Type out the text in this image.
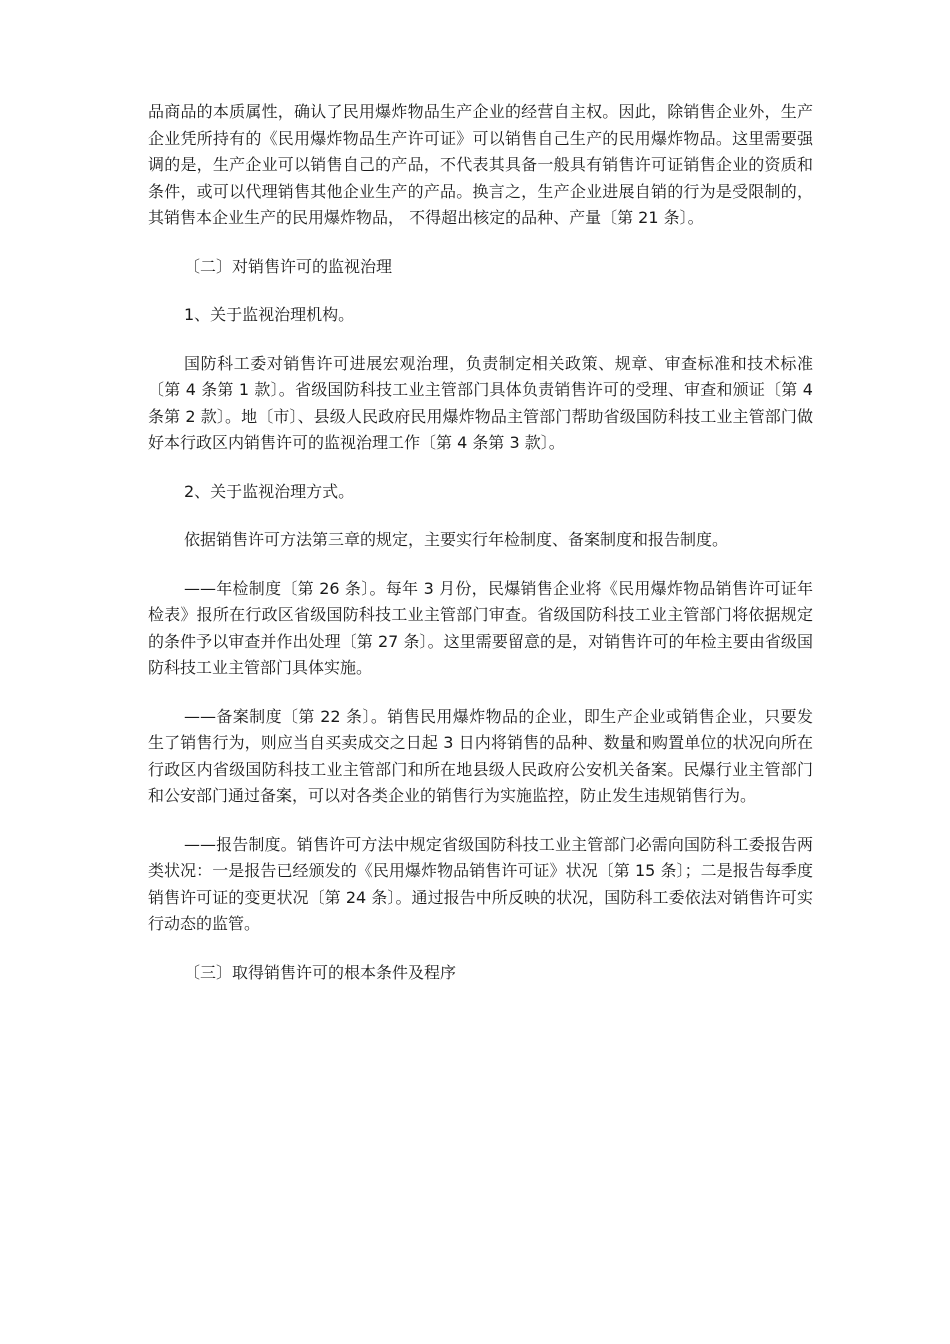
品商品的本质属性，确认了民用爆炸物品生产企业的经营自主权。因此，除销售企业外，生产企业凭所持有的《民用爆炸物品生产许可证》可以销售自己生产的民用爆炸物品。这里需要强调的是，生产企业可以销售自己的产品，不代表其具备一般具有销售许可证销售企业的资质和条件，或可以代理销售其他企业生产的产品。换言之，生产企业进展自销的行为是受限制的，其销售本企业生产的民用爆炸物品， 不得超出核定的品种、产量〔第 21 条〕。

〔二〕对销售许可的监视治理

1、关于监视治理机构。

国防科工委对销售许可进展宏观治理，负责制定相关政策、规章、审查标准和技术标准〔第 4 条第 1 款〕。省级国防科技工业主管部门具体负责销售许可的受理、审查和颁证〔第 4 条第 2 款〕。地〔市〕、县级人民政府民用爆炸物品主管部门帮助省级国防科技工业主管部门做好本行政区内销售许可的监视治理工作〔第 4 条第 3 款〕。

2、关于监视治理方式。

依据销售许可方法第三章的规定，主要实行年检制度、备案制度和报告制度。

——年检制度〔第 26 条〕。每年 3 月份，民爆销售企业将《民用爆炸物品销售许可证年检表》报所在行政区省级国防科技工业主管部门审查。省级国防科技工业主管部门将依据规定的条件予以审查并作出处理〔第 27 条〕。这里需要留意的是，对销售许可的年检主要由省级国防科技工业主管部门具体实施。

——备案制度〔第 22 条〕。销售民用爆炸物品的企业，即生产企业或销售企业，只要发生了销售行为，则应当自买卖成交之日起 3 日内将销售的品种、数量和购置单位的状况向所在行政区内省级国防科技工业主管部门和所在地县级人民政府公安机关备案。民爆行业主管部门和公安部门通过备案，可以对各类企业的销售行为实施监控，防止发生违规销售行为。

——报告制度。销售许可方法中规定省级国防科技工业主管部门必需向国防科工委报告两类状况：一是报告已经颁发的《民用爆炸物品销售许可证》状况〔第 15 条〕；二是报告每季度销售许可证的变更状况〔第 24 条〕。通过报告中所反映的状况，国防科工委依法对销售许可实行动态的监管。

〔三〕取得销售许可的根本条件及程序
